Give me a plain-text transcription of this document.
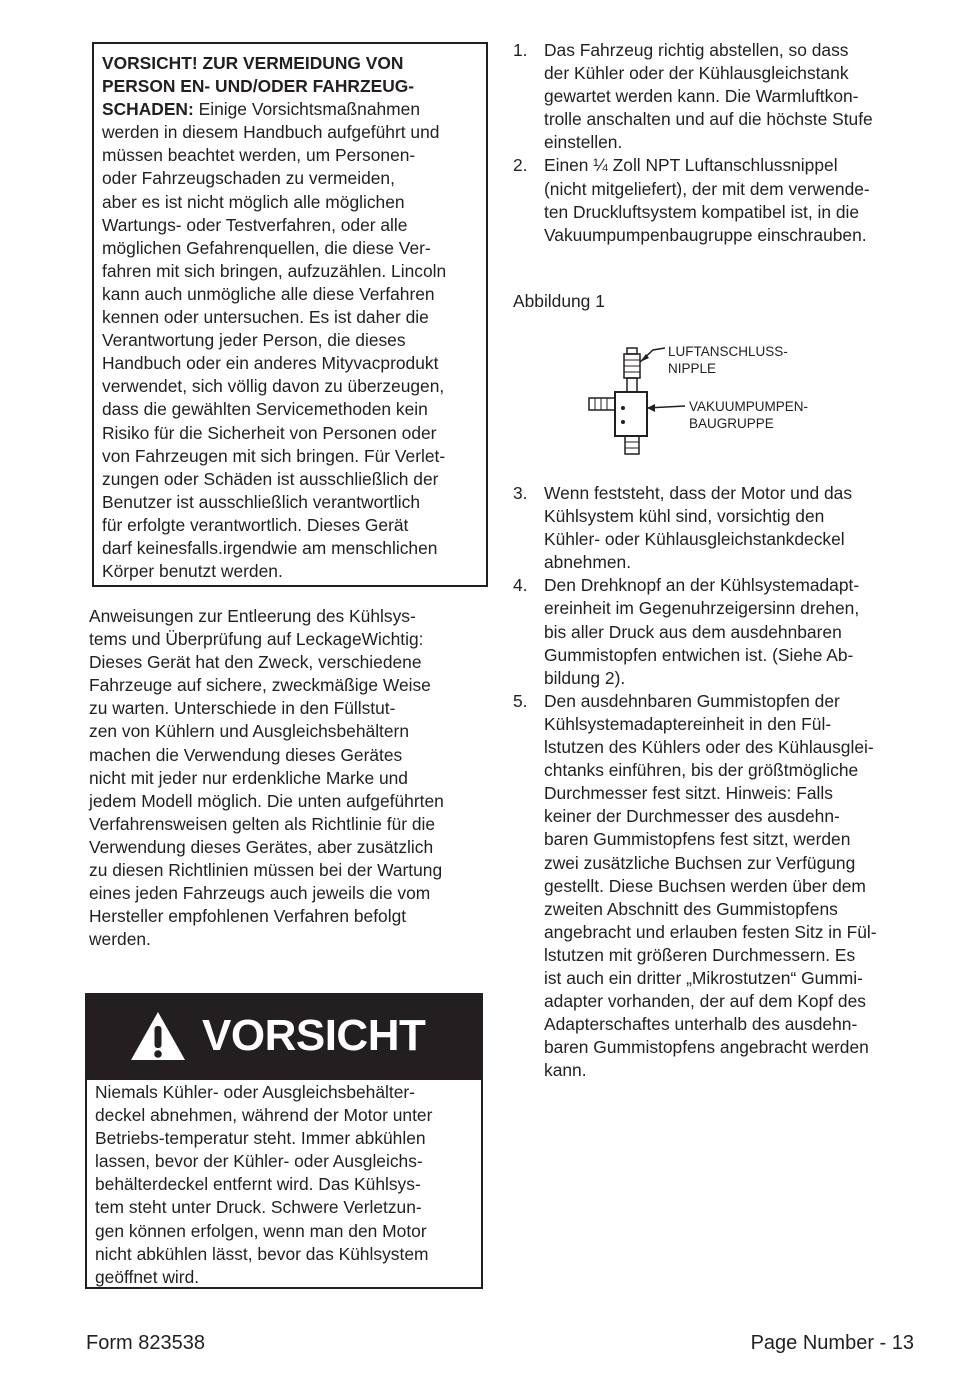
VORSICHT! ZUR VERMEIDUNG VON
PERSON EN- UND/ODER FAHRZEUG-
SCHADEN: Einige Vorsichtsmaßnahmen
werden in diesem Handbuch aufgeführt und
müssen beachtet werden, um Personen-
oder Fahrzeugschaden zu vermeiden,
aber es ist nicht möglich alle möglichen
Wartungs- oder Testverfahren, oder alle
möglichen Gefahrenquellen, die diese Ver-
fahren mit sich bringen, aufzuzählen. Lincoln
kann auch unmögliche alle diese Verfahren
kennen oder untersuchen. Es ist daher die
Verantwortung jeder Person, die dieses
Handbuch oder ein anderes Mityvacprodukt
verwendet, sich völlig davon zu überzeugen,
dass die gewählten Servicemethoden kein
Risiko für die Sicherheit von Personen oder
von Fahrzeugen mit sich bringen. Für Verlet-
zungen oder Schäden ist ausschließlich der
Benutzer ist ausschließlich verantwortlich
für erfolgte verantwortlich. Dieses Gerät
darf keinesfalls.irgendwie am menschlichen
Körper benutzt werden.
Anweisungen zur Entleerung des Kühlsys-
tems und Überprüfung auf LeckageWichtig:
Dieses Gerät hat den Zweck, verschiedene
Fahrzeuge auf sichere, zweckmäßige Weise
zu warten. Unterschiede in den Füllstut-
zen von Kühlern und Ausgleichsbehältern
machen die Verwendung dieses Gerätes
nicht mit jeder nur erdenkliche Marke und
jedem Modell möglich. Die unten aufgeführten
Verfahrensweisen gelten als Richtlinie für die
Verwendung dieses Gerätes, aber zusätzlich
zu diesen Richtlinien müssen bei der Wartung
eines jeden Fahrzeugs auch jeweils die vom
Hersteller empfohlenen Verfahren befolgt
werden.
VORSICHT
Niemals Kühler- oder Ausgleichsbehälter-
deckel abnehmen, während der Motor unter
Betriebs-temperatur steht. Immer abkühlen
lassen, bevor der Kühler- oder Ausgleichs-
behälterdeckel entfernt wird. Das Kühlsys-
tem steht unter Druck. Schwere Verletzun-
gen können erfolgen, wenn man den Motor
nicht abkühlen lässt, bevor das Kühlsystem
geöffnet wird.
1. Das Fahrzeug richtig abstellen, so dass
der Kühler oder der Kühlausgleichstank
gewartet werden kann. Die Warmluftkon-
trolle anschalten und auf die höchste Stufe
einstellen.
2. Einen ¼ Zoll NPT Luftanschlussnippel
(nicht mitgeliefert), der mit dem verwende-
ten Druckluftsystem kompatibel ist, in die
Vakuumpumpenbaugruppe einschrauben.
Abbildung 1
LUFTANSCHLUSS-
NIPPLE
VAKUUMPUMPEN-
BAUGRUPPE
3. Wenn feststeht, dass der Motor und das
Kühlsystem kühl sind, vorsichtig den
Kühler- oder Kühlausgleichstankdeckel
abnehmen.
4. Den Drehknopf an der Kühlsystemadapt-
ereinheit im Gegenuhrzeigersinn drehen,
bis aller Druck aus dem ausdehnbaren
Gummistopfen entwichen ist. (Siehe Ab-
bildung 2).
5. Den ausdehnbaren Gummistopfen der
Kühlsystemadaptereinheit in den Fül-
lstutzen des Kühlers oder des Kühlausglei-
chtanks einführen, bis der größtmögliche
Durchmesser fest sitzt. Hinweis: Falls
keiner der Durchmesser des ausdehn-
baren Gummistopfens fest sitzt, werden
zwei zusätzliche Buchsen zur Verfügung
gestellt. Diese Buchsen werden über dem
zweiten Abschnitt des Gummistopfens
angebracht und erlauben festen Sitz in Fül-
lstutzen mit größeren Durchmessern. Es
ist auch ein dritter „Mikrostutzen“ Gummi-
adapter vorhanden, der auf dem Kopf des
Adapterschaftes unterhalb des ausdehn-
baren Gummistopfens angebracht werden
kann.
Form 823538	Page Number - 13
